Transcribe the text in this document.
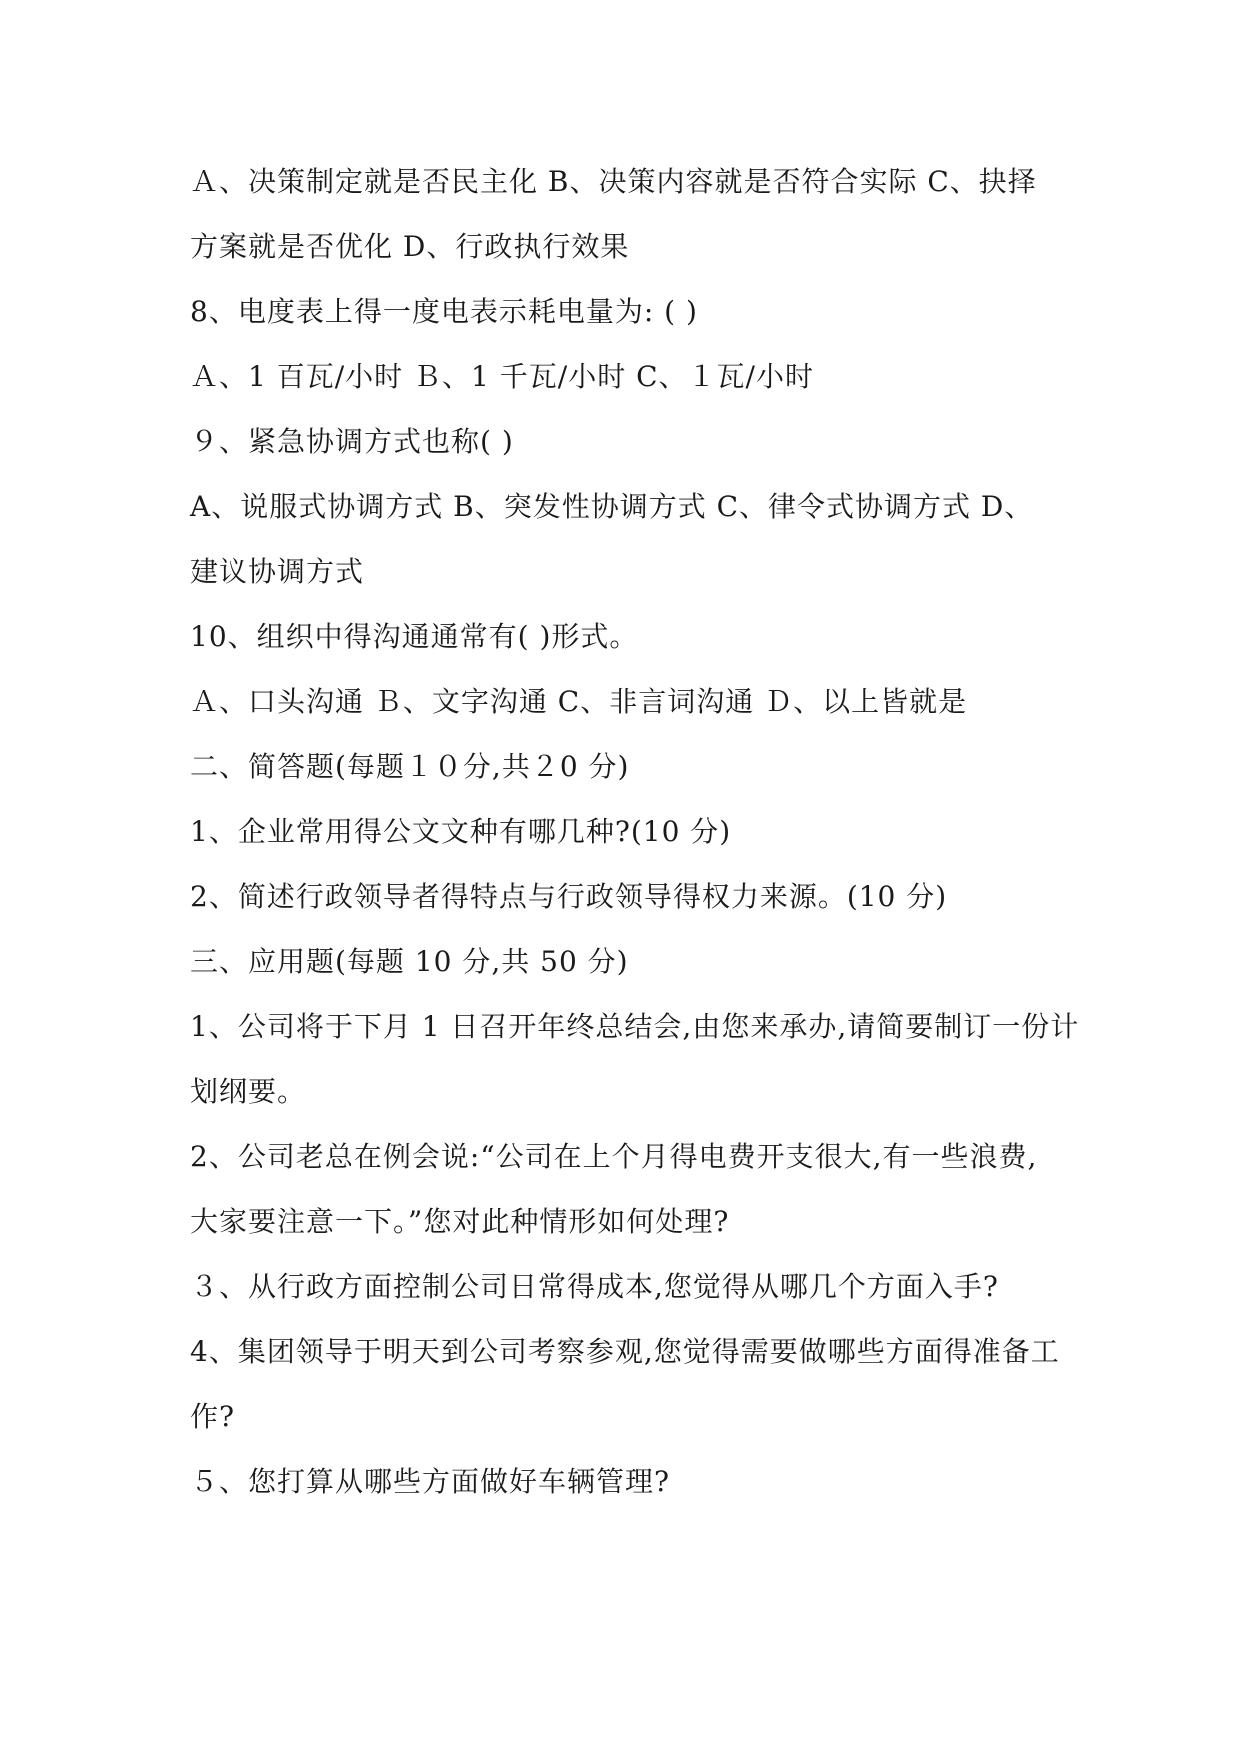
Ａ、决策制定就是否民主化 B、决策内容就是否符合实际 C、抉择
方案就是否优化 D、行政执行效果
8、电度表上得一度电表示耗电量为: ( )
Ａ、1 百瓦/小时 Ｂ、1 千瓦/小时 C、１瓦/小时
９、紧急协调方式也称( )
A、说服式协调方式 B、突发性协调方式 C、律令式协调方式 D、
建议协调方式
10、组织中得沟通通常有( )形式。
Ａ、口头沟通 Ｂ、文字沟通 C、非言词沟通 Ｄ、以上皆就是
二、简答题(每题１０分,共２0 分)
1、企业常用得公文文种有哪几种?(10 分)
2、简述行政领导者得特点与行政领导得权力来源。(10 分)
三、应用题(每题 10 分,共 50 分)
1、公司将于下月 1 日召开年终总结会,由您来承办,请简要制订一份计
划纲要。
2、公司老总在例会说:“公司在上个月得电费开支很大,有一些浪费,
大家要注意一下。”您对此种情形如何处理?
３、从行政方面控制公司日常得成本,您觉得从哪几个方面入手?
4、集团领导于明天到公司考察参观,您觉得需要做哪些方面得准备工
作?
５、您打算从哪些方面做好车辆管理?
